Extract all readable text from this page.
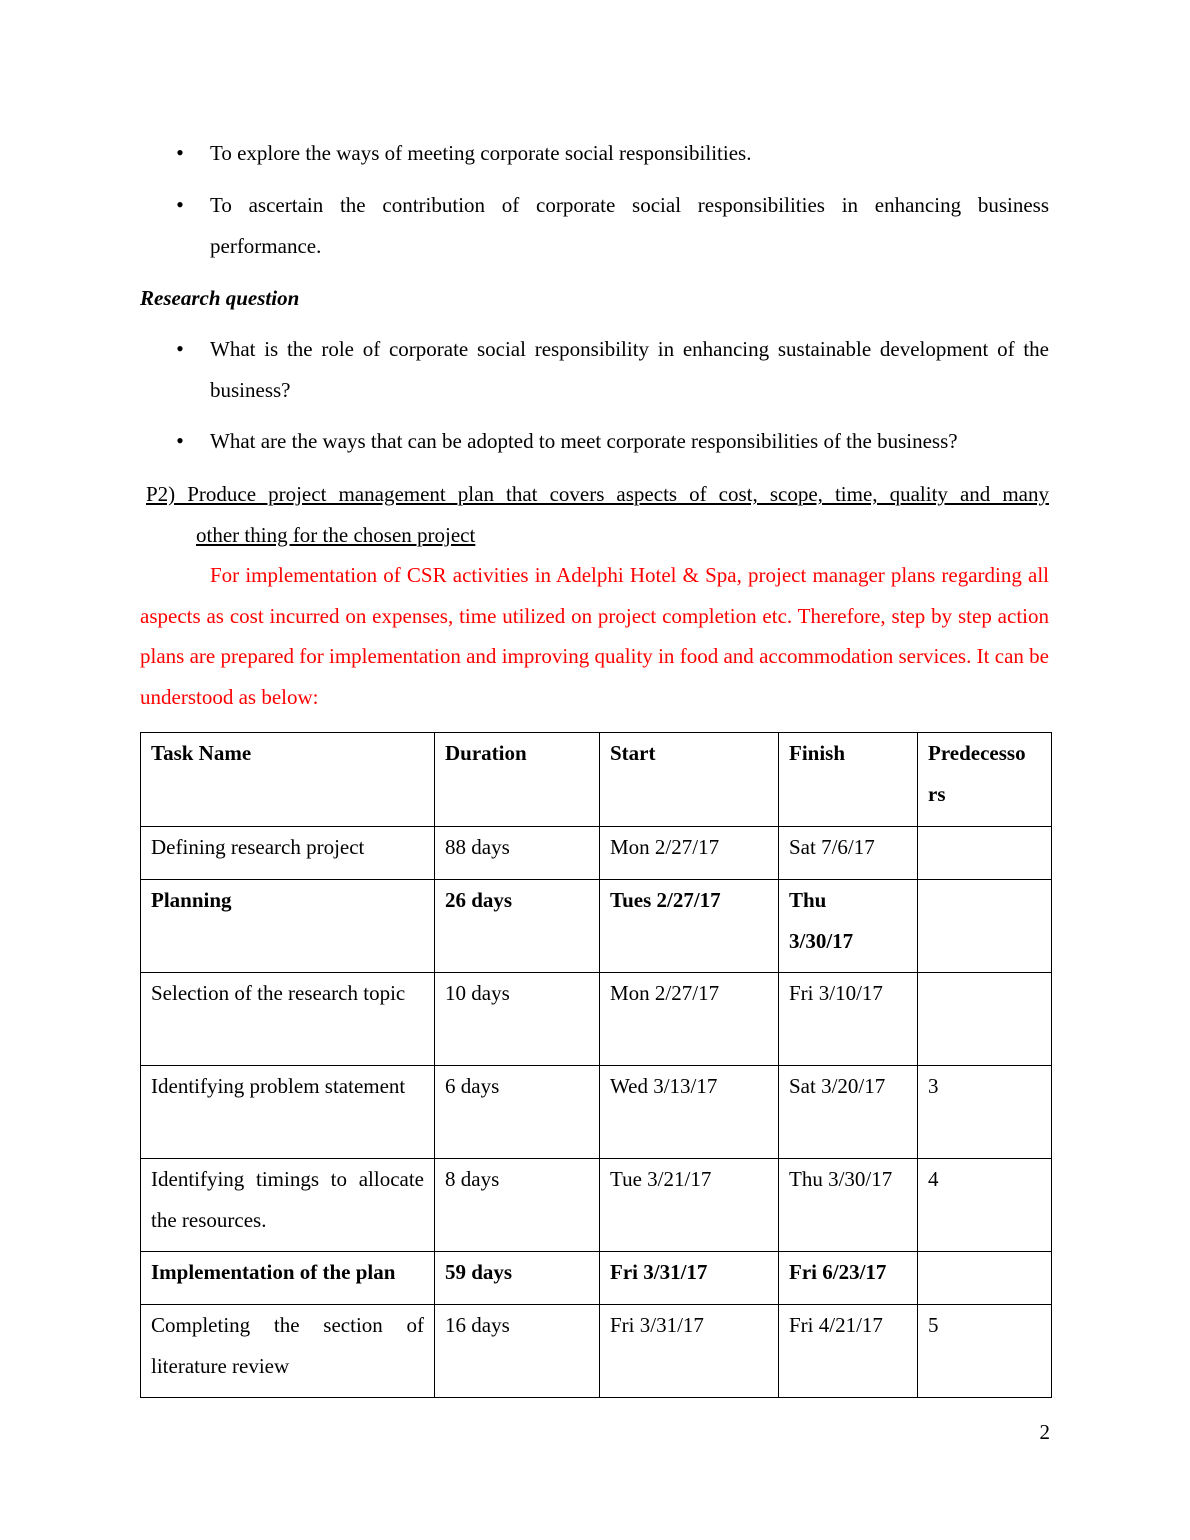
• To explore the ways of meeting corporate social responsibilities.
• To ascertain the contribution of corporate social responsibilities in enhancing business performance.
Research question
• What is the role of corporate social responsibility in enhancing sustainable development of the business?
• What are the ways that can be adopted to meet corporate responsibilities of the business?
P2) Produce project management plan that covers aspects of cost, scope, time, quality and many
other thing for the chosen project
For implementation of CSR activities in Adelphi Hotel & Spa, project manager plans regarding all aspects as cost incurred on expenses, time utilized on project completion etc. Therefore, step by step action plans are prepared for implementation and improving quality in food and accommodation services. It can be understood as below:
Task Name	Duration	Start	Finish	Predecesso rs
Defining research project	88 days	Mon 2/27/17	Sat 7/6/17	
Planning	26 days	Tues 2/27/17	Thu 3/30/17	
Selection of the research topic	10 days	Mon 2/27/17	Fri 3/10/17	
Identifying problem statement	6 days	Wed 3/13/17	Sat 3/20/17	3
Identifying timings to allocate the resources.	8 days	Tue 3/21/17	Thu 3/30/17	4
Implementation of the plan	59 days	Fri 3/31/17	Fri 6/23/17	
Completing the section of literature review	16 days	Fri 3/31/17	Fri 4/21/17	5
2
